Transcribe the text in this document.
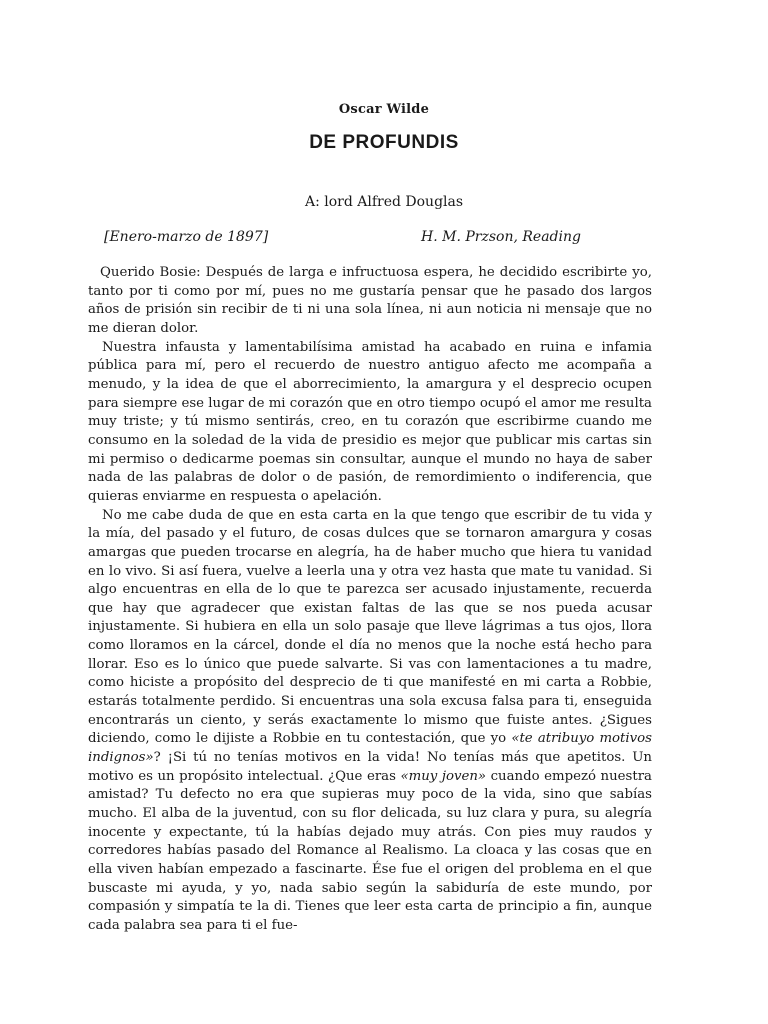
Oscar Wilde
DE PROFUNDIS
A: lord Alfred Douglas
[Enero-marzo de 1897]	H. M. Przson, Reading

Querido Bosie: Después de larga e infructuosa espera, he decidido escribirte yo, tanto por ti como por mí, pues no me gustaría pensar que he pasado dos largos años de prisión sin recibir de ti ni una sola línea, ni aun noticia ni mensaje que no me dieran dolor.

Nuestra infausta y lamentabilísima amistad ha acabado en ruina e infamia pública para mí, pero el recuerdo de nuestro antiguo afecto me acompaña a menudo, y la idea de que el aborrecimiento, la amargura y el desprecio ocupen para siempre ese lugar de mi corazón que en otro tiempo ocupó el amor me resulta muy triste; y tú mismo sentirás, creo, en tu corazón que escribirme cuando me consumo en la soledad de la vida de presidio es mejor que publicar mis cartas sin mi permiso o dedicarme poemas sin consultar, aunque el mundo no haya de saber nada de las palabras de dolor o de pasión, de remordimiento o indiferencia, que quieras enviarme en respuesta o apelación.

No me cabe duda de que en esta carta en la que tengo que escribir de tu vida y la mía, del pasado y el futuro, de cosas dulces que se tornaron amargura y cosas amargas que pueden trocarse en alegría, ha de haber mucho que hiera tu vanidad en lo vivo. Si así fuera, vuelve a leerla una y otra vez hasta que mate tu vanidad. Si algo encuentras en ella de lo que te parezca ser acusado injustamente, recuerda que hay que agradecer que existan faltas de las que se nos pueda acusar injustamente. Si hubiera en ella un solo pasaje que lleve lágrimas a tus ojos, llora como lloramos en la cárcel, donde el día no menos que la noche está hecho para llorar. Eso es lo único que puede salvarte. Si vas con lamentaciones a tu madre, como hiciste a propósito del desprecio de ti que manifesté en mi carta a Robbie, estarás totalmente perdido. Si encuentras una sola excusa falsa para ti, enseguida encontrarás un ciento, y serás exactamente lo mismo que fuiste antes. ¿Sigues diciendo, como le dijiste a Robbie en tu contestación, que yo «te atribuyo motivos indignos»? ¡Si tú no tenías motivos en la vida! No tenías más que apetitos. Un motivo es un propósito intelectual. ¿Que eras «muy joven» cuando empezó nuestra amistad? Tu defecto no era que supieras muy poco de la vida, sino que sabías mucho. El alba de la juventud, con su flor delicada, su luz clara y pura, su alegría inocente y expectante, tú la habías dejado muy atrás. Con pies muy raudos y corredores habías pasado del Romance al Realismo. La cloaca y las cosas que en ella viven habían empezado a fascinarte. Ése fue el origen del problema en el que buscaste mi ayuda, y yo, nada sabio según la sabiduría de este mundo, por compasión y simpatía te la di. Tienes que leer esta carta de principio a fin, aunque cada palabra sea para ti el fue-
